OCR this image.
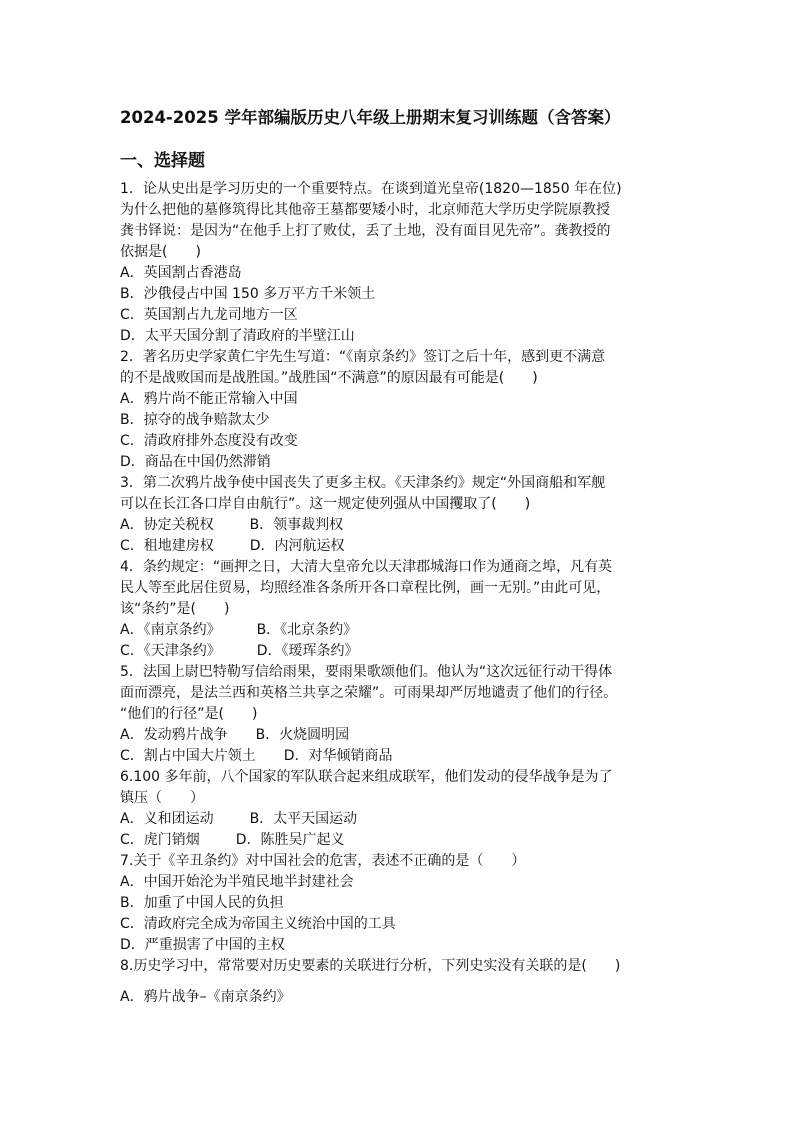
2024-2025 学年部编版历史八年级上册期末复习训练题（含答案）
一、选择题

1．论从史出是学习历史的一个重要特点。在谈到道光皇帝(1820—1850 年在位)

为什么把他的墓修筑得比其他帝王墓都要矮小时，北京师范大学历史学院原教授

龚书铎说：是因为“在他手上打了败仗，丢了土地，没有面目见先帝”。龚教授的

依据是(　　)

A．英国割占香港岛
B．沙俄侵占中国 150 多万平方千米领土
C．英国割占九龙司地方一区
D．太平天国分割了清政府的半壁江山

2．著名历史学家黄仁宇先生写道：“《南京条约》签订之后十年，感到更不满意

的不是战败国而是战胜国。”战胜国“不满意”的原因最有可能是(　　)

A．鸦片尚不能正常输入中国
B．掠夺的战争赔款太少
C．清政府排外态度没有改变
D．商品在中国仍然滞销

3．第二次鸦片战争使中国丧失了更多主权。《天津条约》规定“外国商船和军舰

可以在长江各口岸自由航行”。这一规定使列强从中国攫取了(　　)

A．协定关税权	B．领事裁判权
C．租地建房权	D．内河航运权

4．条约规定：“画押之日，大清大皇帝允以天津郡城海口作为通商之埠，凡有英

民人等至此居住贸易，均照经准各条所开各口章程比例，画一无别。”由此可见，

该“条约”是(　　)

A．《南京条约》	B．《北京条约》
C．《天津条约》	D．《瑷珲条约》

5．法国上尉巴特勒写信给雨果，要雨果歌颂他们。他认为“这次远征行动干得体

面而漂亮，是法兰西和英格兰共享之荣耀”。可雨果却严厉地谴责了他们的行径。

“他们的行径”是(　　)

A．发动鸦片战争 B．火烧圆明园
C．割占中国大片领土 D．对华倾销商品

6.100 多年前，八个国家的军队联合起来组成联军，他们发动的侵华战争是为了

镇压（　　）

A．义和团运动	B．太平天国运动
C．虎门销烟	D．陈胜吴广起义

7.关于《辛丑条约》对中国社会的危害，表述不正确的是（　　）

A．中国开始沦为半殖民地半封建社会
B．加重了中国人民的负担
C．清政府完全成为帝国主义统治中国的工具
D．严重损害了中国的主权

8.历史学习中，常常要对历史要素的关联进行分析，下列史实没有关联的是(　　)

A．鸦片战争–《南京条约》
